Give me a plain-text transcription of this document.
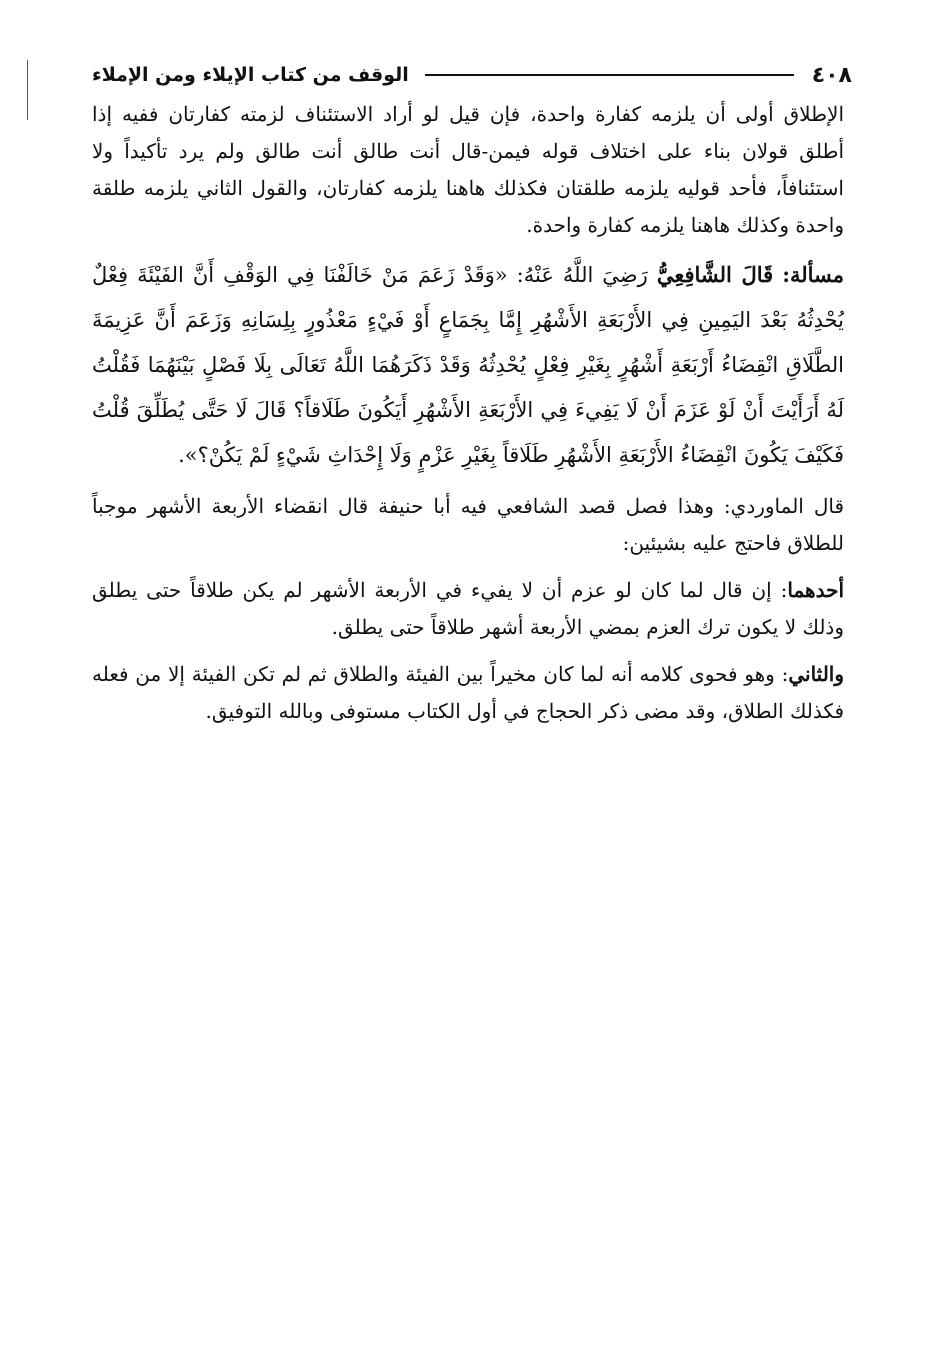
٤٠٨
الوقف من كتاب الإيلاء ومن الإملاء

الإطلاق أولى أن يلزمه كفارة واحدة، فإن قيل لو أراد الاستئناف لزمته كفارتان ففيه إذا أطلق قولان بناء على اختلاف قوله فيمن-قال أنت طالق أنت طالق ولم يرد تأكيداً ولا استئنافاً، فأحد قوليه يلزمه طلقتان فكذلك هاهنا يلزمه كفارتان، والقول الثاني يلزمه طلقة واحدة وكذلك هاهنا يلزمه كفارة واحدة.

مسألة: قَالَ الشَّافِعِيُّ رَضِيَ اللَّهُ عَنْهُ: «وَقَدْ زَعَمَ مَنْ خَالَفْنَا فِي الوَقْفِ أَنَّ الفَيْئَةَ فِعْلٌ يُحْدِثُهُ بَعْدَ اليَمِينِ فِي الأَرْبَعَةِ الأَشْهُرِ إِمَّا بِجَمَاعٍ أَوْ فَيْءٍ مَعْذُورٍ بِلِسَانِهِ وَزَعَمَ أَنَّ عَزِيمَةَ الطَّلَاقِ انْقِضَاءُ أَرْبَعَةِ أَشْهُرٍ بِغَيْرِ فِعْلٍ يُحْدِثُهُ وَقَدْ ذَكَرَهُمَا اللَّهُ تَعَالَى بِلَا فَصْلٍ بَيْنَهُمَا فَقُلْتُ لَهُ أَرَأَيْتَ أَنْ لَوْ عَزَمَ أَنْ لَا يَفِيءَ فِي الأَرْبَعَةِ الأَشْهُرِ أَيَكُونَ طَلَاقاً؟ قَالَ لَا حَتَّى يُطَلِّقَ قُلْتُ فَكَيْفَ يَكُونَ انْقِضَاءُ الأَرْبَعَةِ الأَشْهُرِ طَلَاقاً بِغَيْرِ عَزْمٍ وَلَا إِحْدَاثِ شَيْءٍ لَمْ يَكُنْ؟».

قال الماوردي: وهذا فصل قصد الشافعي فيه أبا حنيفة قال انقضاء الأربعة الأشهر موجباً للطلاق فاحتج عليه بشيئين:

أحدهما: إن قال لما كان لو عزم أن لا يفيء في الأربعة الأشهر لم يكن طلاقاً حتى يطلق وذلك لا يكون ترك العزم بمضي الأربعة أشهر طلاقاً حتى يطلق.

والثاني: وهو فحوى كلامه أنه لما كان مخيراً بين الفيئة والطلاق ثم لم تكن الفيئة إلا من فعله فكذلك الطلاق، وقد مضى ذكر الحجاج في أول الكتاب مستوفى وبالله التوفيق.
